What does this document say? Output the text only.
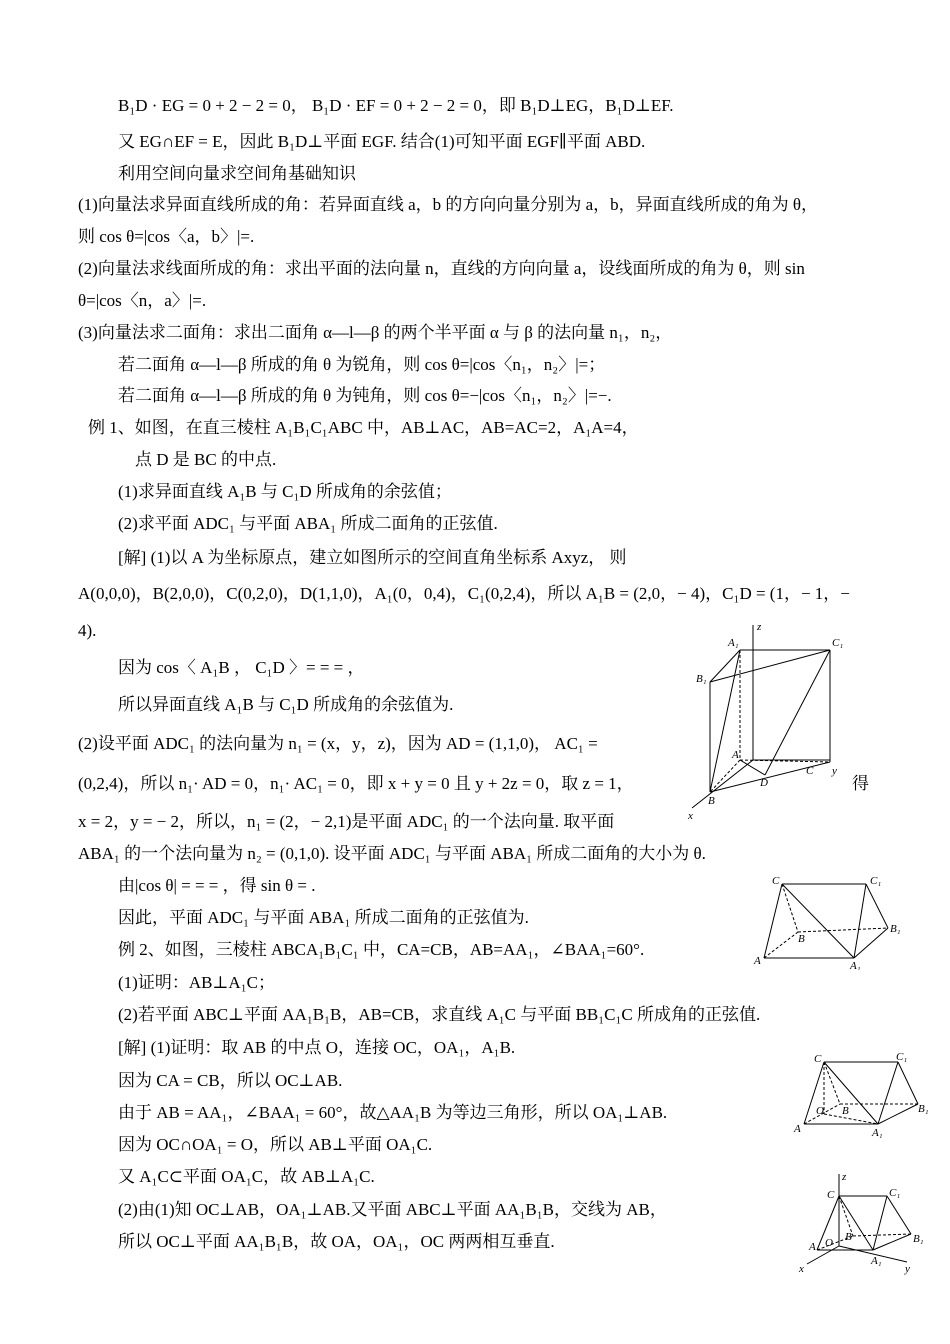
B₁D · EG = 0 + 2 − 2 = 0， B₁D · EF = 0 + 2 − 2 = 0，即 B₁D⊥EG，B₁D⊥EF.
又 EG∩EF = E，因此 B₁D⊥平面 EGF. 结合(1)可知平面 EGF∥平面 ABD.
利用空间向量求空间角基础知识
(1)向量法求异面直线所成的角：若异面直线 a，b 的方向向量分别为 a，b，异面直线所成的角为 θ，
则 cos θ=|cos〈a，b〉|=.
(2)向量法求线面所成的角：求出平面的法向量 n，直线的方向向量 a，设线面所成的角为 θ，则 sin
θ=|cos〈n，a〉|=.
(3)向量法求二面角：求出二面角 α—l—β 的两个半平面 α 与 β 的法向量 n₁，n₂，
若二面角 α—l—β 所成的角 θ 为锐角，则 cos θ=|cos〈n₁，n₂〉|=；
若二面角 α—l—β 所成的角 θ 为钝角，则 cos θ=−|cos〈n₁，n₂〉|=−.
例 1、如图，在直三棱柱 A₁B₁C₁ABC 中，AB⊥AC，AB=AC=2，A₁A=4，
点 D 是 BC 的中点.
(1)求异面直线 A₁B 与 C₁D 所成角的余弦值；
(2)求平面 ADC₁ 与平面 ABA₁ 所成二面角的正弦值.
[解] (1)以 A 为坐标原点，建立如图所示的空间直角坐标系 Axyz， 则
A(0,0,0)，B(2,0,0)，C(0,2,0)，D(1,1,0)，A₁(0，0,4)，C₁(0,2,4)，所以 A₁B = (2,0，− 4)，C₁D = (1，− 1，−
4).
因为 cos〈 A₁B ， C₁D 〉= = = ，
所以异面直线 A₁B 与 C₁D 所成角的余弦值为.
(2)设平面 ADC₁ 的法向量为 n₁ = (x，y，z)，因为 AD = (1,1,0)， AC₁ =
(0,2,4)，所以 n₁· AD = 0，n₁· AC₁ = 0，即 x + y = 0 且 y + 2z = 0，取 z = 1，	得
x = 2，y = − 2，所以，n₁ = (2，− 2,1)是平面 ADC₁ 的一个法向量. 取平面
ABA₁ 的一个法向量为 n₂ = (0,1,0). 设平面 ADC₁ 与平面 ABA₁ 所成二面角的大小为 θ.
由|cos θ| = = = ，得 sin θ = .
因此，平面 ADC₁ 与平面 ABA₁ 所成二面角的正弦值为.
例 2、如图，三棱柱 ABCA₁B₁C₁ 中，CA=CB，AB=AA₁，∠BAA₁=60°.
(1)证明：AB⊥A₁C；
(2)若平面 ABC⊥平面 AA₁B₁B，AB=CB，求直线 A₁C 与平面 BB₁C₁C 所成角的正弦值.
[解] (1)证明：取 AB 的中点 O，连接 OC，OA₁，A₁B.
因为 CA = CB，所以 OC⊥AB.
由于 AB = AA₁，∠BAA₁ = 60°，故△AA₁B 为等边三角形，所以 OA₁⊥AB.
因为 OC∩OA₁ = O，所以 AB⊥平面 OA₁C.
又 A₁C⊂平面 OA₁C，故 AB⊥A₁C.
(2)由(1)知 OC⊥AB，OA₁⊥AB.又平面 ABC⊥平面 AA₁B₁B，交线为 AB，
所以 OC⊥平面 AA₁B₁B，故 OA，OA₁，OC 两两相互垂直.
z
A₁	C₁
B₁
A
C y
B
D
x
C	C₁
B
B₁
A	A₁
C	C₁
O B	B₁
A	A₁
z
C	C₁
O B	B₁
A
A₁
x	y
